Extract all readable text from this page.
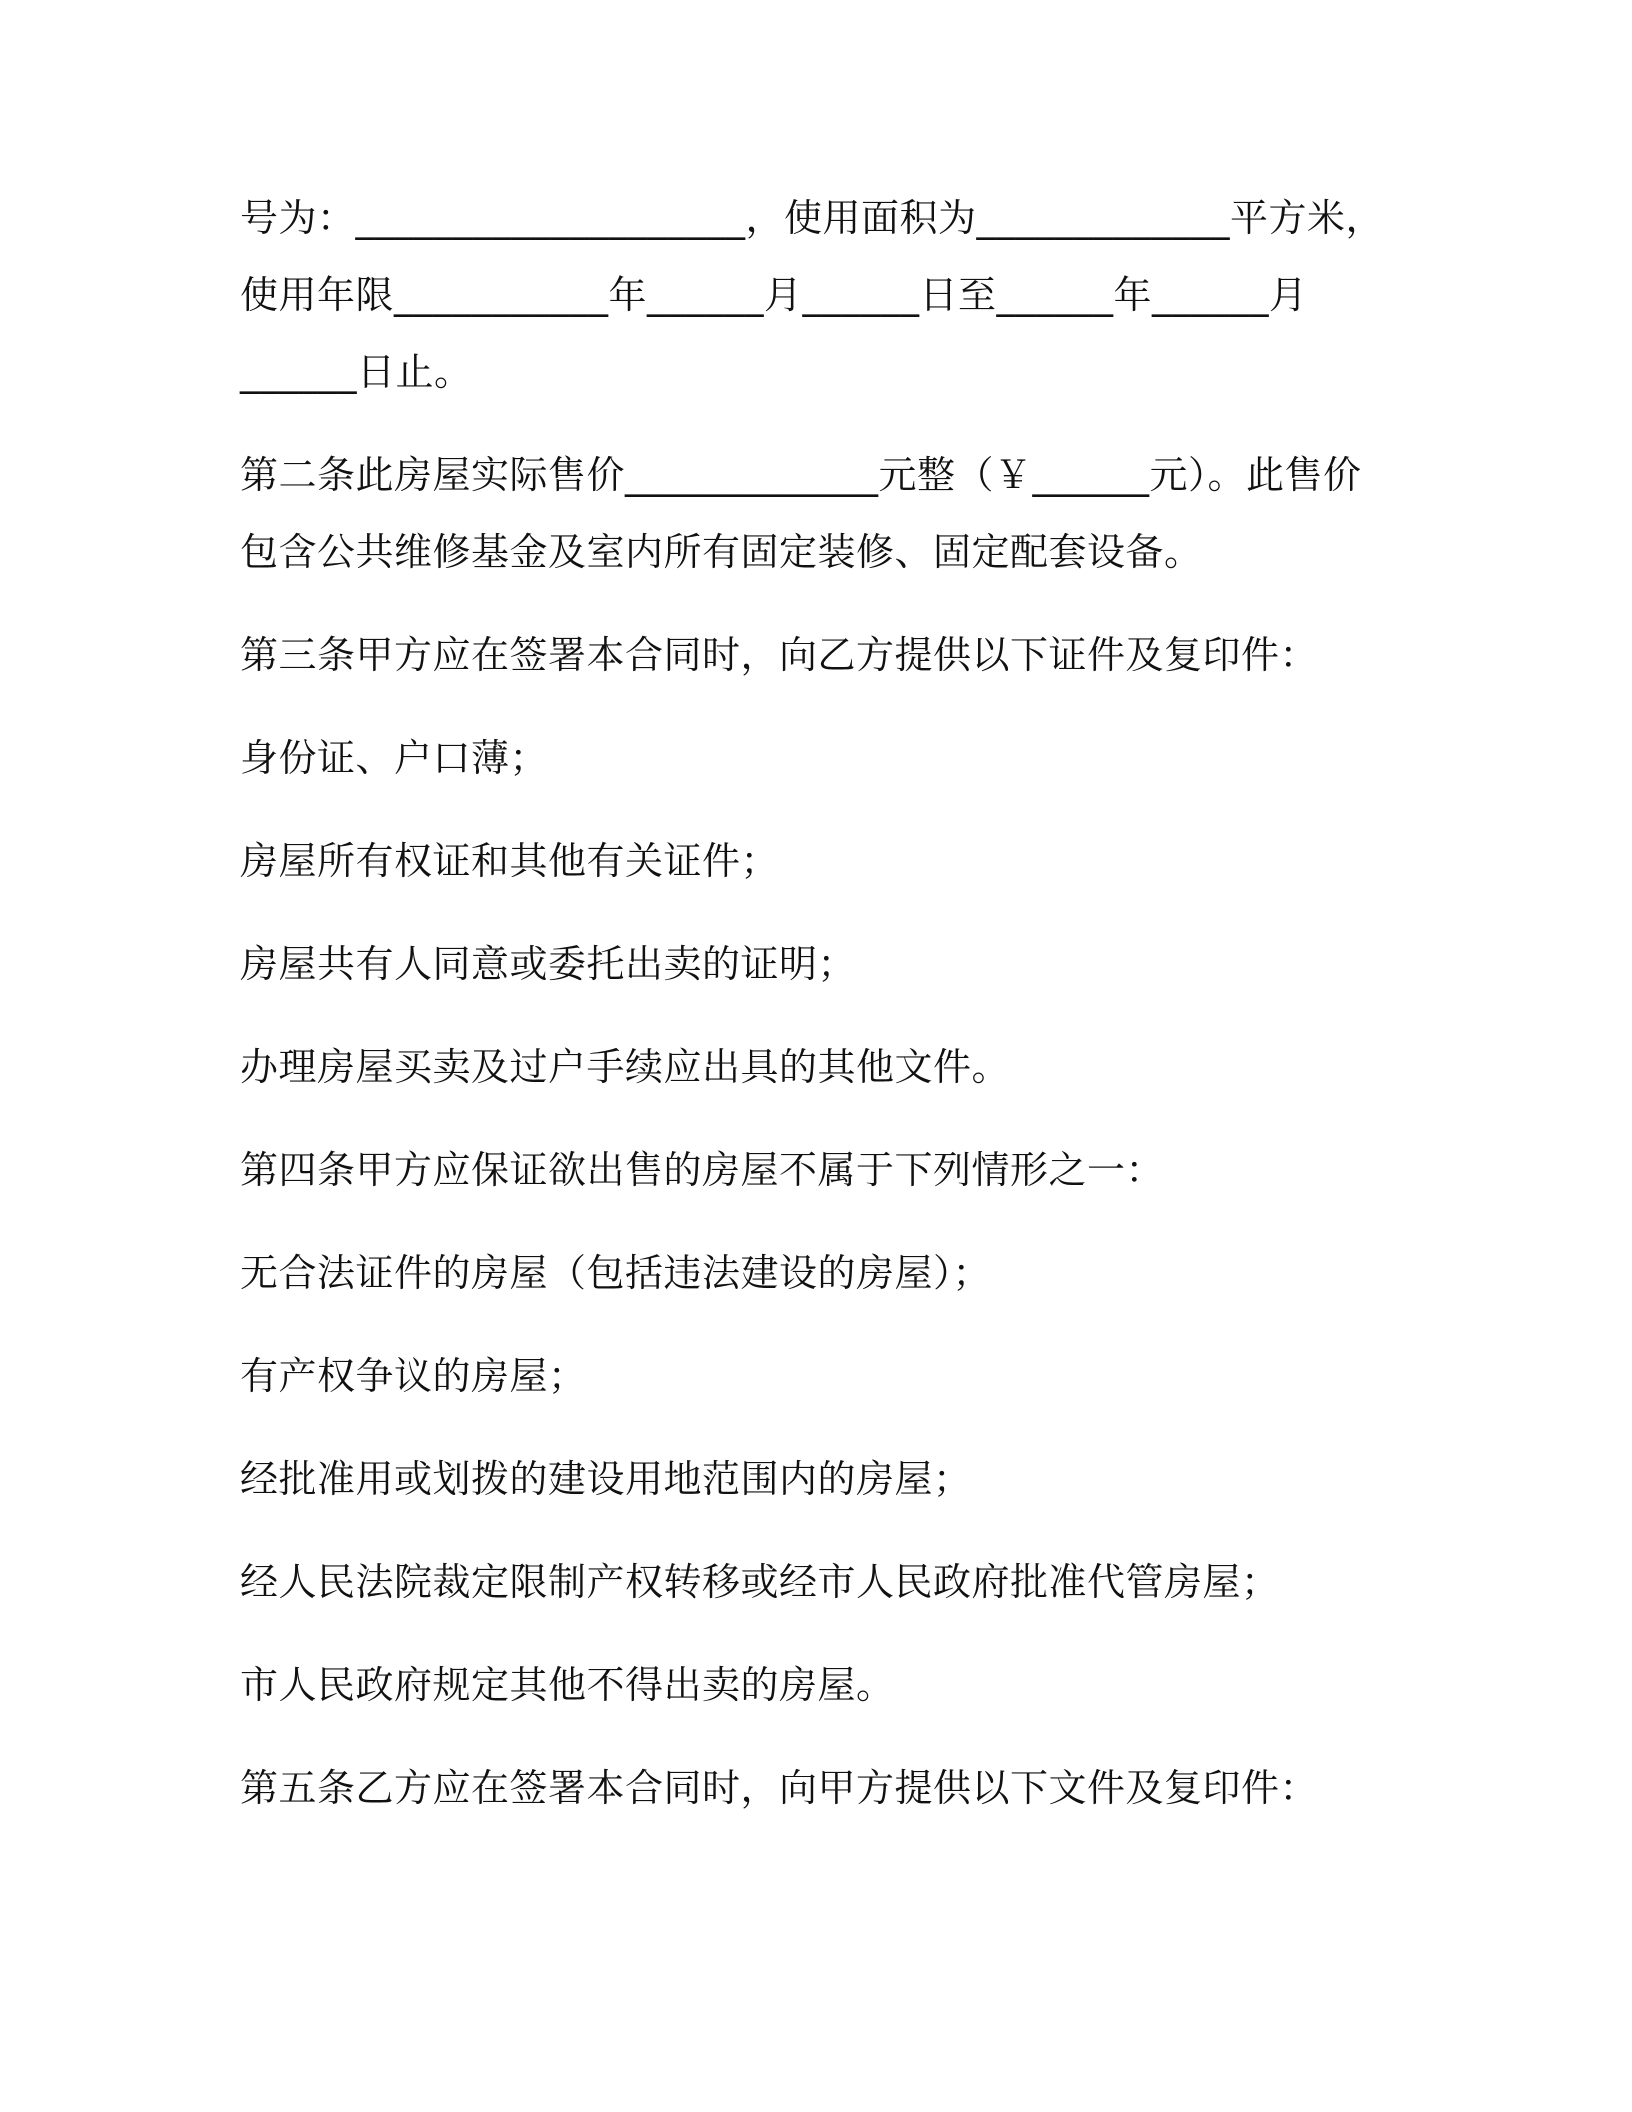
号为：____________________，使用面积为_____________平方米，
使用年限___________年______月______日至______年______月
______日止。
第二条此房屋实际售价_____________元整（￥______元）。此售价
包含公共维修基金及室内所有固定装修、固定配套设备。
第三条甲方应在签署本合同时，向乙方提供以下证件及复印件：
身份证、户口薄；
房屋所有权证和其他有关证件；
房屋共有人同意或委托出卖的证明；
办理房屋买卖及过户手续应出具的其他文件。
第四条甲方应保证欲出售的房屋不属于下列情形之一：
无合法证件的房屋（包括违法建设的房屋）；
有产权争议的房屋；
经批准用或划拨的建设用地范围内的房屋；
经人民法院裁定限制产权转移或经市人民政府批准代管房屋；
市人民政府规定其他不得出卖的房屋。
第五条乙方应在签署本合同时，向甲方提供以下文件及复印件：
